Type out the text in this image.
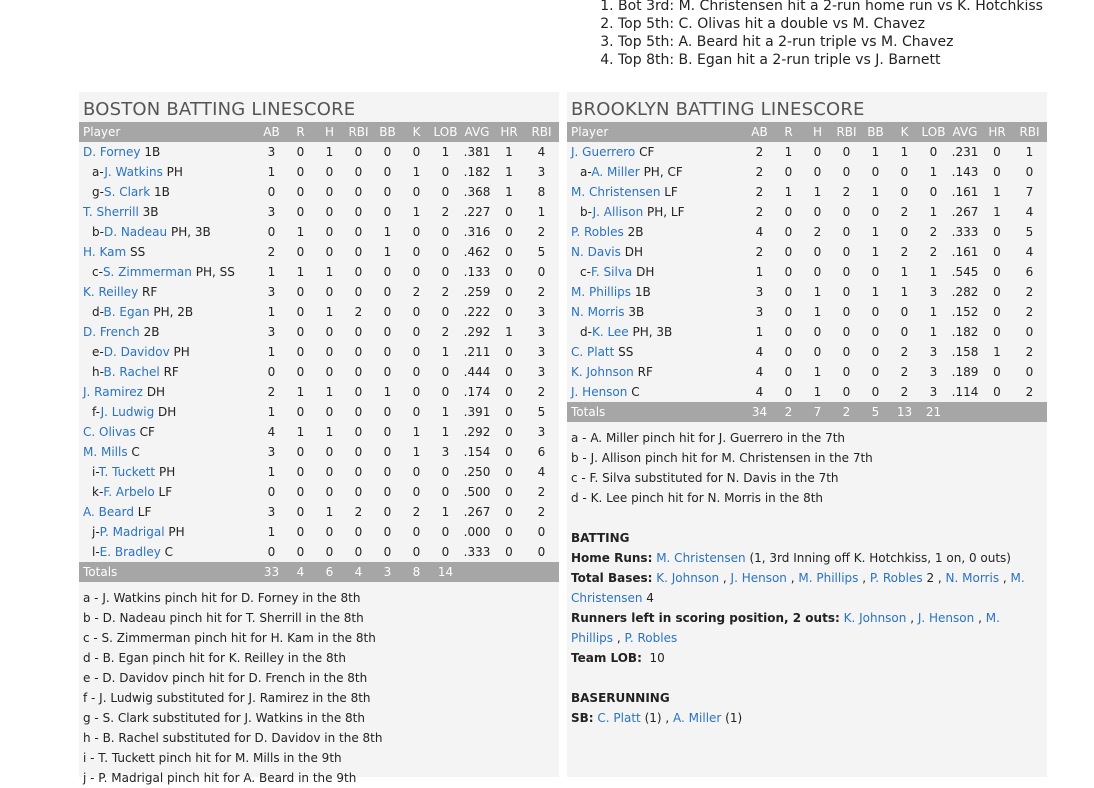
1. Bot 3rd: M. Christensen hit a 2-run home run vs K. Hotchkiss
2. Top 5th: C. Olivas hit a double vs M. Chavez
3. Top 5th: A. Beard hit a 2-run triple vs M. Chavez
4. Top 8th: B. Egan hit a 2-run triple vs J. Barnett
BOSTON BATTING LINESCORE
Player	AB	R	H	RBI	BB	K	LOB	AVG	HR	RBI
D. Forney 1B	3	0	1	0	0	0	1	.381	1	4
a-J. Watkins PH	1	0	0	0	0	1	0	.182	1	3
g-S. Clark 1B	0	0	0	0	0	0	0	.368	1	8
T. Sherrill 3B	3	0	0	0	0	1	2	.227	0	1
b-D. Nadeau PH, 3B	0	1	0	0	1	0	0	.316	0	2
H. Kam SS	2	0	0	0	1	0	0	.462	0	5
c-S. Zimmerman PH, SS	1	1	1	0	0	0	0	.133	0	0
K. Reilley RF	3	0	0	0	0	2	2	.259	0	2
d-B. Egan PH, 2B	1	0	1	2	0	0	0	.222	0	3
D. French 2B	3	0	0	0	0	0	2	.292	1	3
e-D. Davidov PH	1	0	0	0	0	0	1	.211	0	3
h-B. Rachel RF	0	0	0	0	0	0	0	.444	0	3
J. Ramirez DH	2	1	1	0	1	0	0	.174	0	2
f-J. Ludwig DH	1	0	0	0	0	0	1	.391	0	5
C. Olivas CF	4	1	1	0	0	1	1	.292	0	3
M. Mills C	3	0	0	0	0	1	3	.154	0	6
i-T. Tuckett PH	1	0	0	0	0	0	0	.250	0	4
k-F. Arbelo LF	0	0	0	0	0	0	0	.500	0	2
A. Beard LF	3	0	1	2	0	2	1	.267	0	2
j-P. Madrigal PH	1	0	0	0	0	0	0	.000	0	0
l-E. Bradley C	0	0	0	0	0	0	0	.333	0	0
Totals	33	4	6	4	3	8	14			
a - J. Watkins pinch hit for D. Forney in the 8th
b - D. Nadeau pinch hit for T. Sherrill in the 8th
c - S. Zimmerman pinch hit for H. Kam in the 8th
d - B. Egan pinch hit for K. Reilley in the 8th
e - D. Davidov pinch hit for D. French in the 8th
f - J. Ludwig substituted for J. Ramirez in the 8th
g - S. Clark substituted for J. Watkins in the 8th
h - B. Rachel substituted for D. Davidov in the 8th
i - T. Tuckett pinch hit for M. Mills in the 9th
j - P. Madrigal pinch hit for A. Beard in the 9th
BROOKLYN BATTING LINESCORE
Player	AB	R	H	RBI	BB	K	LOB	AVG	HR	RBI
J. Guerrero CF	2	1	0	0	1	1	0	.231	0	1
a-A. Miller PH, CF	2	0	0	0	0	0	1	.143	0	0
M. Christensen LF	2	1	1	2	1	0	0	.161	1	7
b-J. Allison PH, LF	2	0	0	0	0	2	1	.267	1	4
P. Robles 2B	4	0	2	0	1	0	2	.333	0	5
N. Davis DH	2	0	0	0	1	2	2	.161	0	4
c-F. Silva DH	1	0	0	0	0	1	1	.545	0	6
M. Phillips 1B	3	0	1	0	1	1	3	.282	0	2
N. Morris 3B	3	0	1	0	0	0	1	.152	0	2
d-K. Lee PH, 3B	1	0	0	0	0	0	1	.182	0	0
C. Platt SS	4	0	0	0	0	2	3	.158	1	2
K. Johnson RF	4	0	1	0	0	2	3	.189	0	0
J. Henson C	4	0	1	0	0	2	3	.114	0	2
Totals	34	2	7	2	5	13	21			
a - A. Miller pinch hit for J. Guerrero in the 7th
b - J. Allison pinch hit for M. Christensen in the 7th
c - F. Silva substituted for N. Davis in the 7th
d - K. Lee pinch hit for N. Morris in the 8th
BATTING
Home Runs: M. Christensen (1, 3rd Inning off K. Hotchkiss, 1 on, 0 outs)
Total Bases: K. Johnson , J. Henson , M. Phillips , P. Robles 2 , N. Morris , M. Christensen 4
Runners left in scoring position, 2 outs: K. Johnson , J. Henson , M. Phillips , P. Robles
Team LOB: 10
BASERUNNING
SB: C. Platt (1) , A. Miller (1)
